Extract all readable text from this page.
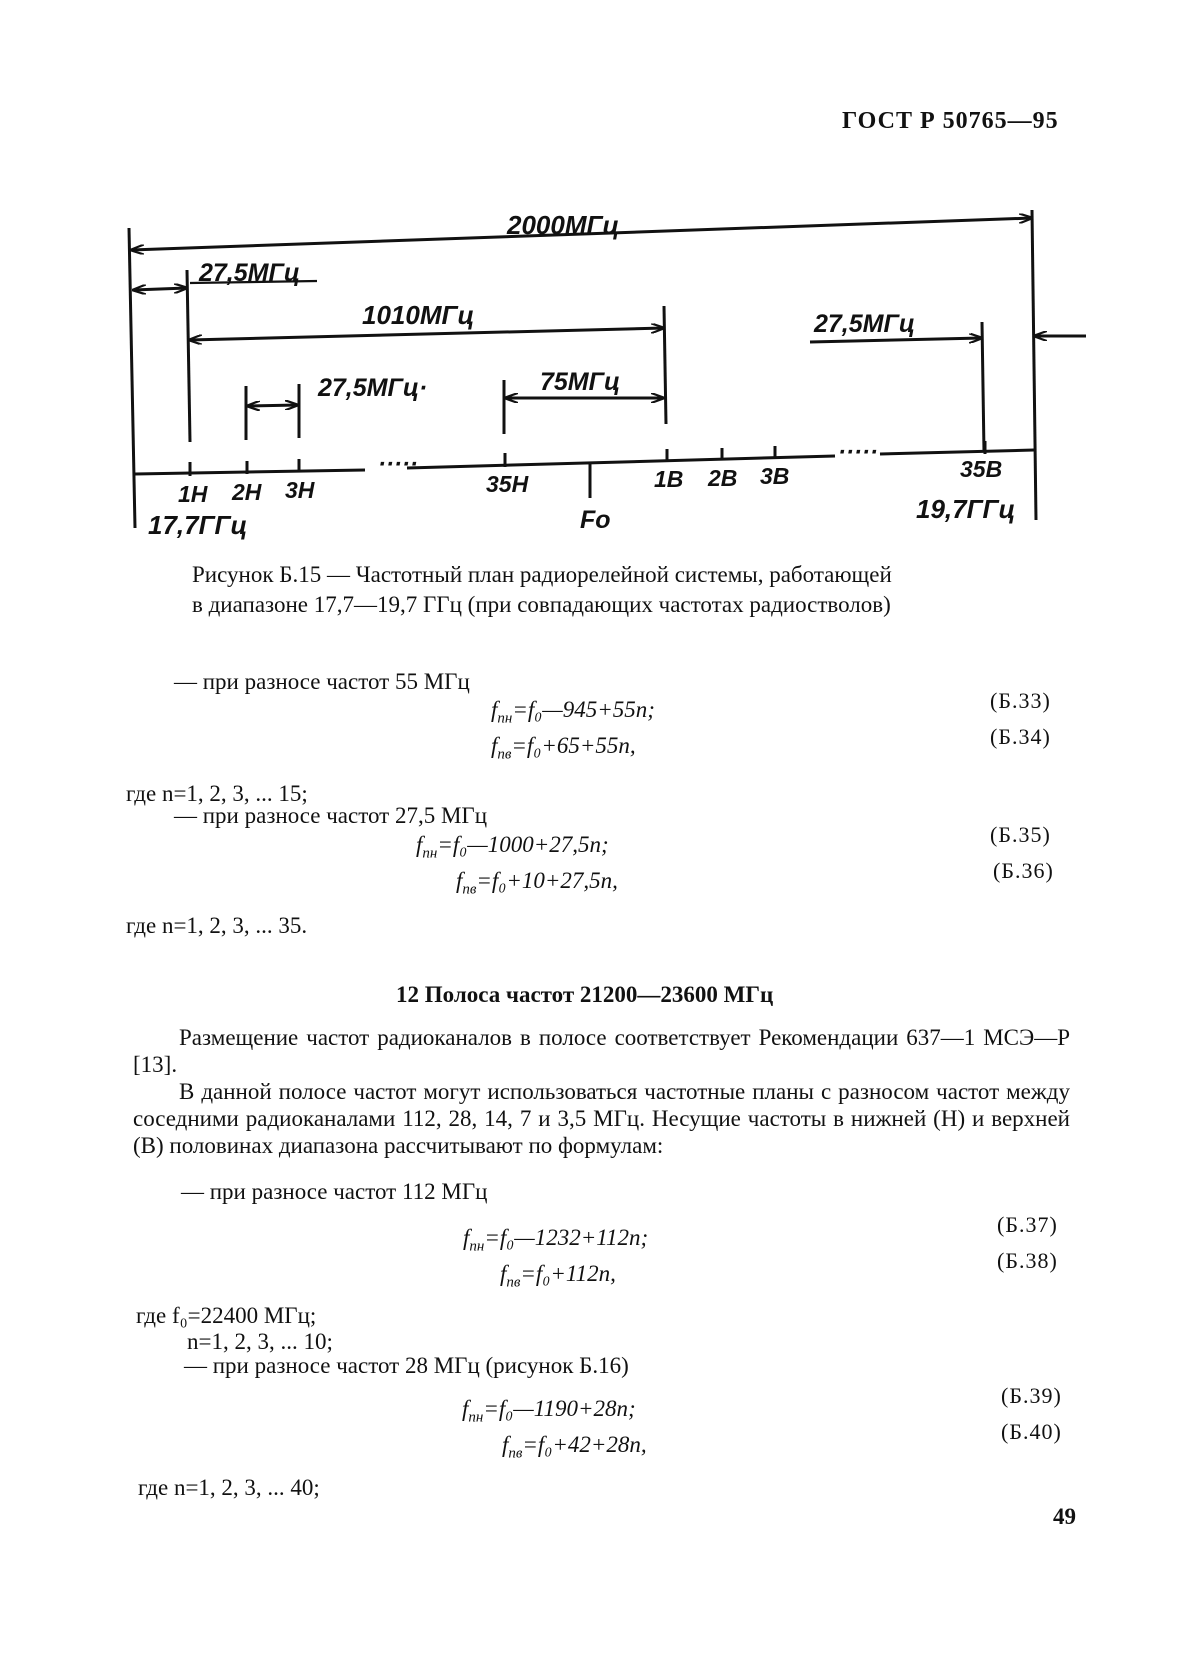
ГОСТ Р 50765—95
2000МГц
27,5МГц
1010МГц
27,5МГц·	75МГц
27,5МГц
·····	·····
1Н 2Н 3Н	35Н	1В 2В 3В	35В
Fo
17,7ГГц
19,7ГГц
Рисунок Б.15 — Частотный план радиорелейной системы, работающей
в диапазоне 17,7—19,7 ГГц (при совпадающих частотах радиостволов)
— при разносе частот 55 МГц
$f_{nн}=f_0—945+55n$;	(Б.33)
$f_{nв}=f_0+65+55n$,	(Б.34)
где n=1, 2, 3, ... 15;
— при разносе частот 27,5 МГц
$f_{nн}=f_0—1000+27,5n$;	(Б.35)
$f_{nв}=f_0+10+27,5n$,	(Б.36)
где n=1, 2, 3, ... 35.
12 Полоса частот 21200—23600 МГц
Размещение частот радиоканалов в полосе соответствует Рекомендации 637—1 МСЭ—Р [13].
В данной полосе частот могут использоваться частотные планы с разносом частот между соседними радиоканалами 112, 28, 14, 7 и 3,5 МГц. Несущие частоты в нижней (Н) и верхней (В) половинах диапазона рассчитывают по формулам:
— при разносе частот 112 МГц
$f_{nн}=f_0—1232+112n$;
(Б.37)
$f_{nв}=f_0+112n$,
(Б.38)
где f₀=22400 МГц;
n=1, 2, 3, ... 10;
— при разносе частот 28 МГц (рисунок Б.16)
$f_{nн}=f_0—1190+28n$;
(Б.39)
$f_{nв}=f_0+42+28n$,
(Б.40)
где n=1, 2, 3, ... 40;
49
